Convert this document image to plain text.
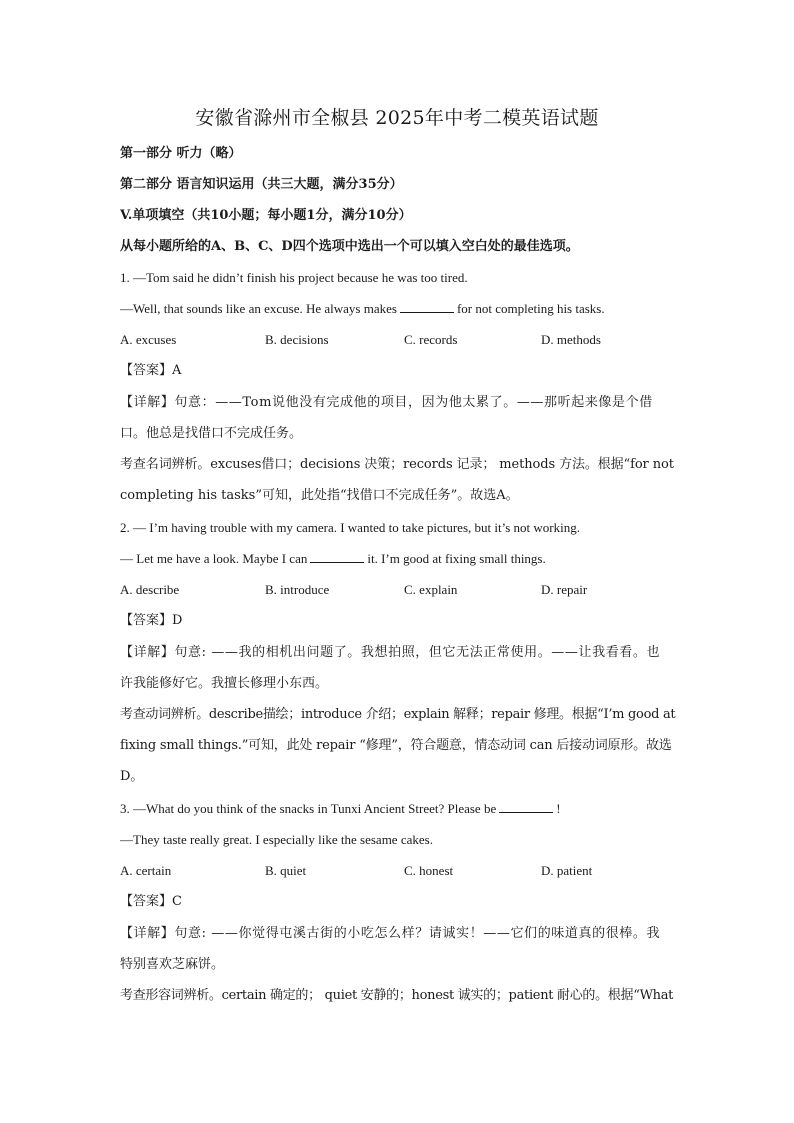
安徽省滁州市全椒县 2025年中考二模英语试题
第一部分 听力（略）
第二部分 语言知识运用（共三大题，满分35分）
V.单项填空（共10小题；每小题1分，满分10分）
从每小题所给的A、B、C、D四个选项中选出一个可以填入空白处的最佳选项。
1. —Tom said he didn’t finish his project because he was too tired.
—Well, that sounds like an excuse. He always makes	for not completing his tasks.
A. excuses	B. decisions	C. records	D. methods
【答案】A
【详解】句意：——Tom说他没有完成他的项目，因为他太累了。——那听起来像是个借
口。他总是找借口不完成任务。
考查名词辨析。excuses借口；decisions 决策；records 记录； methods 方法。根据“for not
completing his tasks”可知，此处指“找借口不完成任务”。故选A。
2. — I’m having trouble with my camera. I wanted to take pictures, but it’s not working.
— Let me have a look. Maybe I can	it. I’m good at fixing small things.
A. describe	B. introduce	C. explain	D. repair
【答案】D
【详解】句意: ——我的相机出问题了。我想拍照，但它无法正常使用。——让我看看。也
许我能修好它。我擅长修理小东西。
考查动词辨析。describe描绘；introduce 介绍；explain 解释；repair 修理。根据“I’m good at
fixing small things.”可知，此处 repair “修理”，符合题意，情态动词 can 后接动词原形。故选
D。
3. —What do you think of the snacks in Tunxi Ancient Street? Please be	!
—They taste really great. I especially like the sesame cakes.
A. certain	B. quiet	C. honest	D. patient
【答案】C
【详解】句意: ——你觉得屯溪古街的小吃怎么样？请诚实！——它们的味道真的很棒。我
特别喜欢芝麻饼。
考查形容词辨析。certain 确定的； quiet 安静的；honest 诚实的；patient 耐心的。根据“What
